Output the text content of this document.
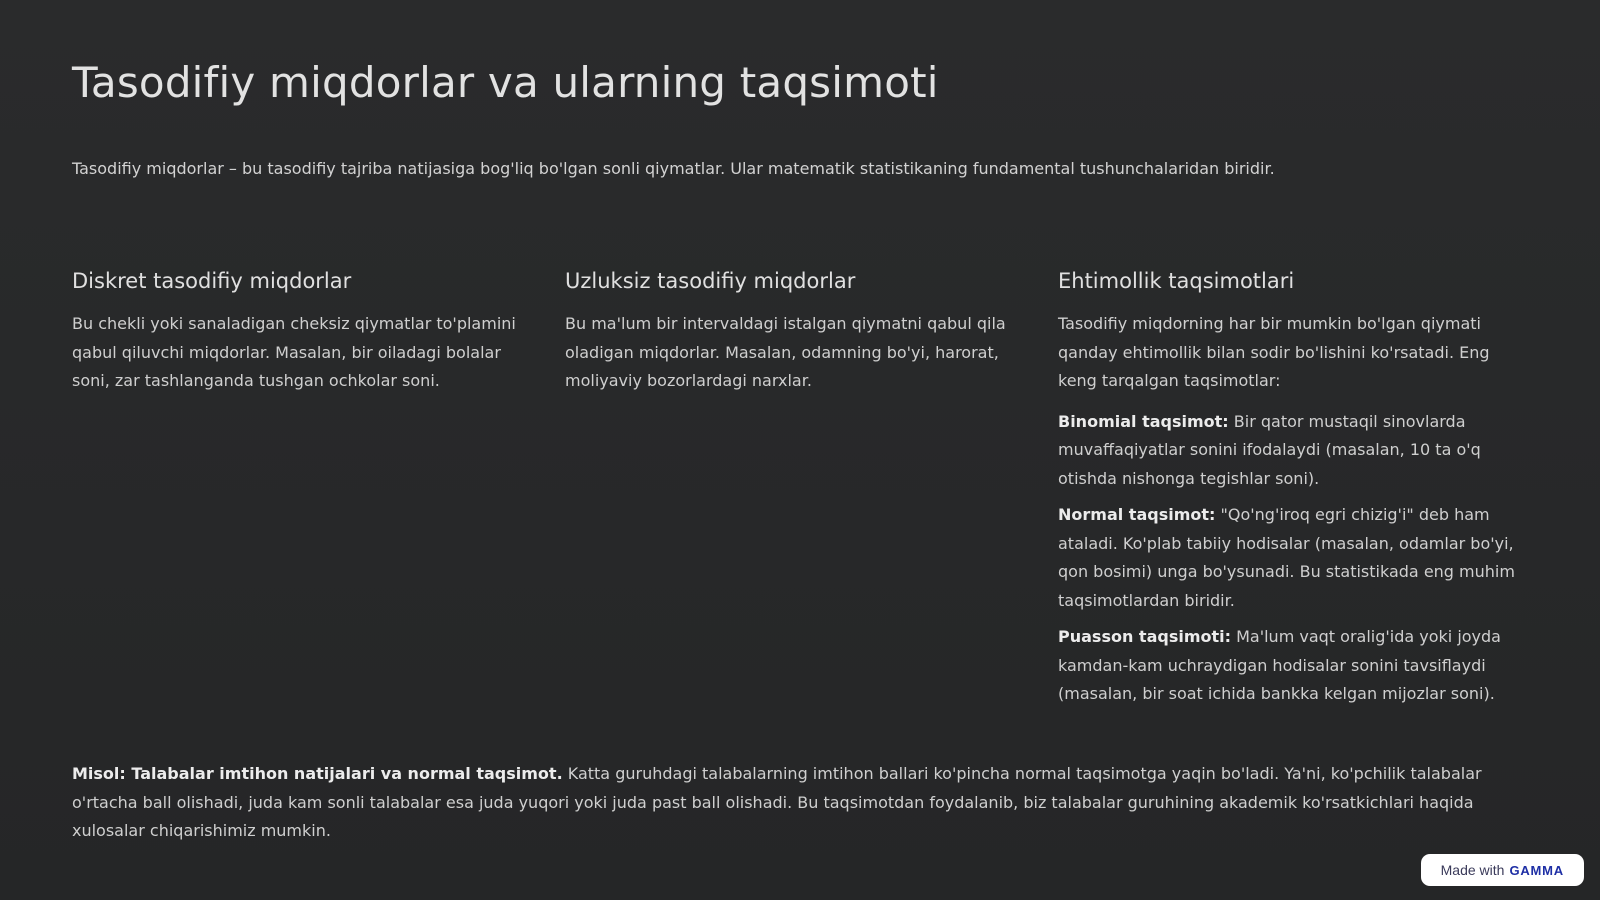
Tasodifiy miqdorlar va ularning taqsimoti

Tasodifiy miqdorlar – bu tasodifiy tajriba natijasiga bog'liq bo'lgan sonli qiymatlar. Ular matematik statistikaning fundamental tushunchalaridan biridir.

Diskret tasodifiy miqdorlar

Bu chekli yoki sanaladigan cheksiz qiymatlar to'plamini qabul qiluvchi miqdorlar. Masalan, bir oiladagi bolalar soni, zar tashlanganda tushgan ochkolar soni.

Uzluksiz tasodifiy miqdorlar

Bu ma'lum bir intervaldagi istalgan qiymatni qabul qila oladigan miqdorlar. Masalan, odamning bo'yi, harorat, moliyaviy bozorlardagi narxlar.

Ehtimollik taqsimotlari

Tasodifiy miqdorning har bir mumkin bo'lgan qiymati qanday ehtimollik bilan sodir bo'lishini ko'rsatadi. Eng keng tarqalgan taqsimotlar:

Binomial taqsimot: Bir qator mustaqil sinovlarda muvaffaqiyatlar sonini ifodalaydi (masalan, 10 ta o'q otishda nishonga tegishlar soni).

Normal taqsimot: "Qo'ng'iroq egri chizig'i" deb ham ataladi. Ko'plab tabiiy hodisalar (masalan, odamlar bo'yi, qon bosimi) unga bo'ysunadi. Bu statistikada eng muhim taqsimotlardan biridir.

Puasson taqsimoti: Ma'lum vaqt oralig'ida yoki joyda kamdan-kam uchraydigan hodisalar sonini tavsiflaydi (masalan, bir soat ichida bankka kelgan mijozlar soni).

Misol: Talabalar imtihon natijalari va normal taqsimot. Katta guruhdagi talabalarning imtihon ballari ko'pincha normal taqsimotga yaqin bo'ladi. Ya'ni, ko'pchilik talabalar o'rtacha ball olishadi, juda kam sonli talabalar esa juda yuqori yoki juda past ball olishadi. Bu taqsimotdan foydalanib, biz talabalar guruhining akademik ko'rsatkichlari haqida xulosalar chiqarishimiz mumkin.

Made with GAMMA
